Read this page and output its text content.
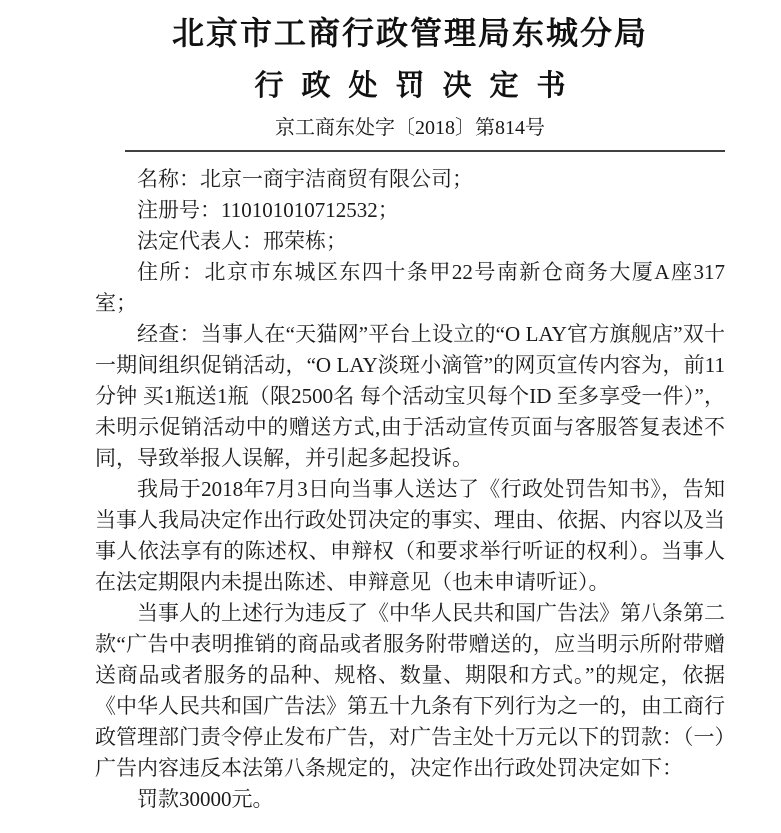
北京市工商行政管理局东城分局
行政处罚决定书
京工商东处字〔2018〕第814号

名称：北京一商宇洁商贸有限公司；

注册号：110101010712532；

法定代表人：邢荣栋；

住所：北京市东城区东四十条甲22号南新仓商务大厦A座317室；

经查：当事人在“天猫网”平台上设立的“O LAY官方旗舰店”双十一期间组织促销活动，“O LAY淡斑小滴管”的网页宣传内容为，前11分钟 买1瓶送1瓶（限2500名 每个活动宝贝每个ID 至多享受一件）”，未明示促销活动中的赠送方式,由于活动宣传页面与客服答复表述不同，导致举报人误解，并引起多起投诉。

我局于2018年7月3日向当事人送达了《行政处罚告知书》，告知当事人我局决定作出行政处罚决定的事实、理由、依据、内容以及当事人依法享有的陈述权、申辩权（和要求举行听证的权利）。当事人在法定期限内未提出陈述、申辩意见（也未申请听证）。

当事人的上述行为违反了《中华人民共和国广告法》第八条第二款“广告中表明推销的商品或者服务附带赠送的，应当明示所附带赠送商品或者服务的品种、规格、数量、期限和方式。”的规定，依据《中华人民共和国广告法》第五十九条有下列行为之一的，由工商行政管理部门责令停止发布广告，对广告主处十万元以下的罚款：（一）广告内容违反本法第八条规定的，决定作出行政处罚决定如下：

罚款30000元。
